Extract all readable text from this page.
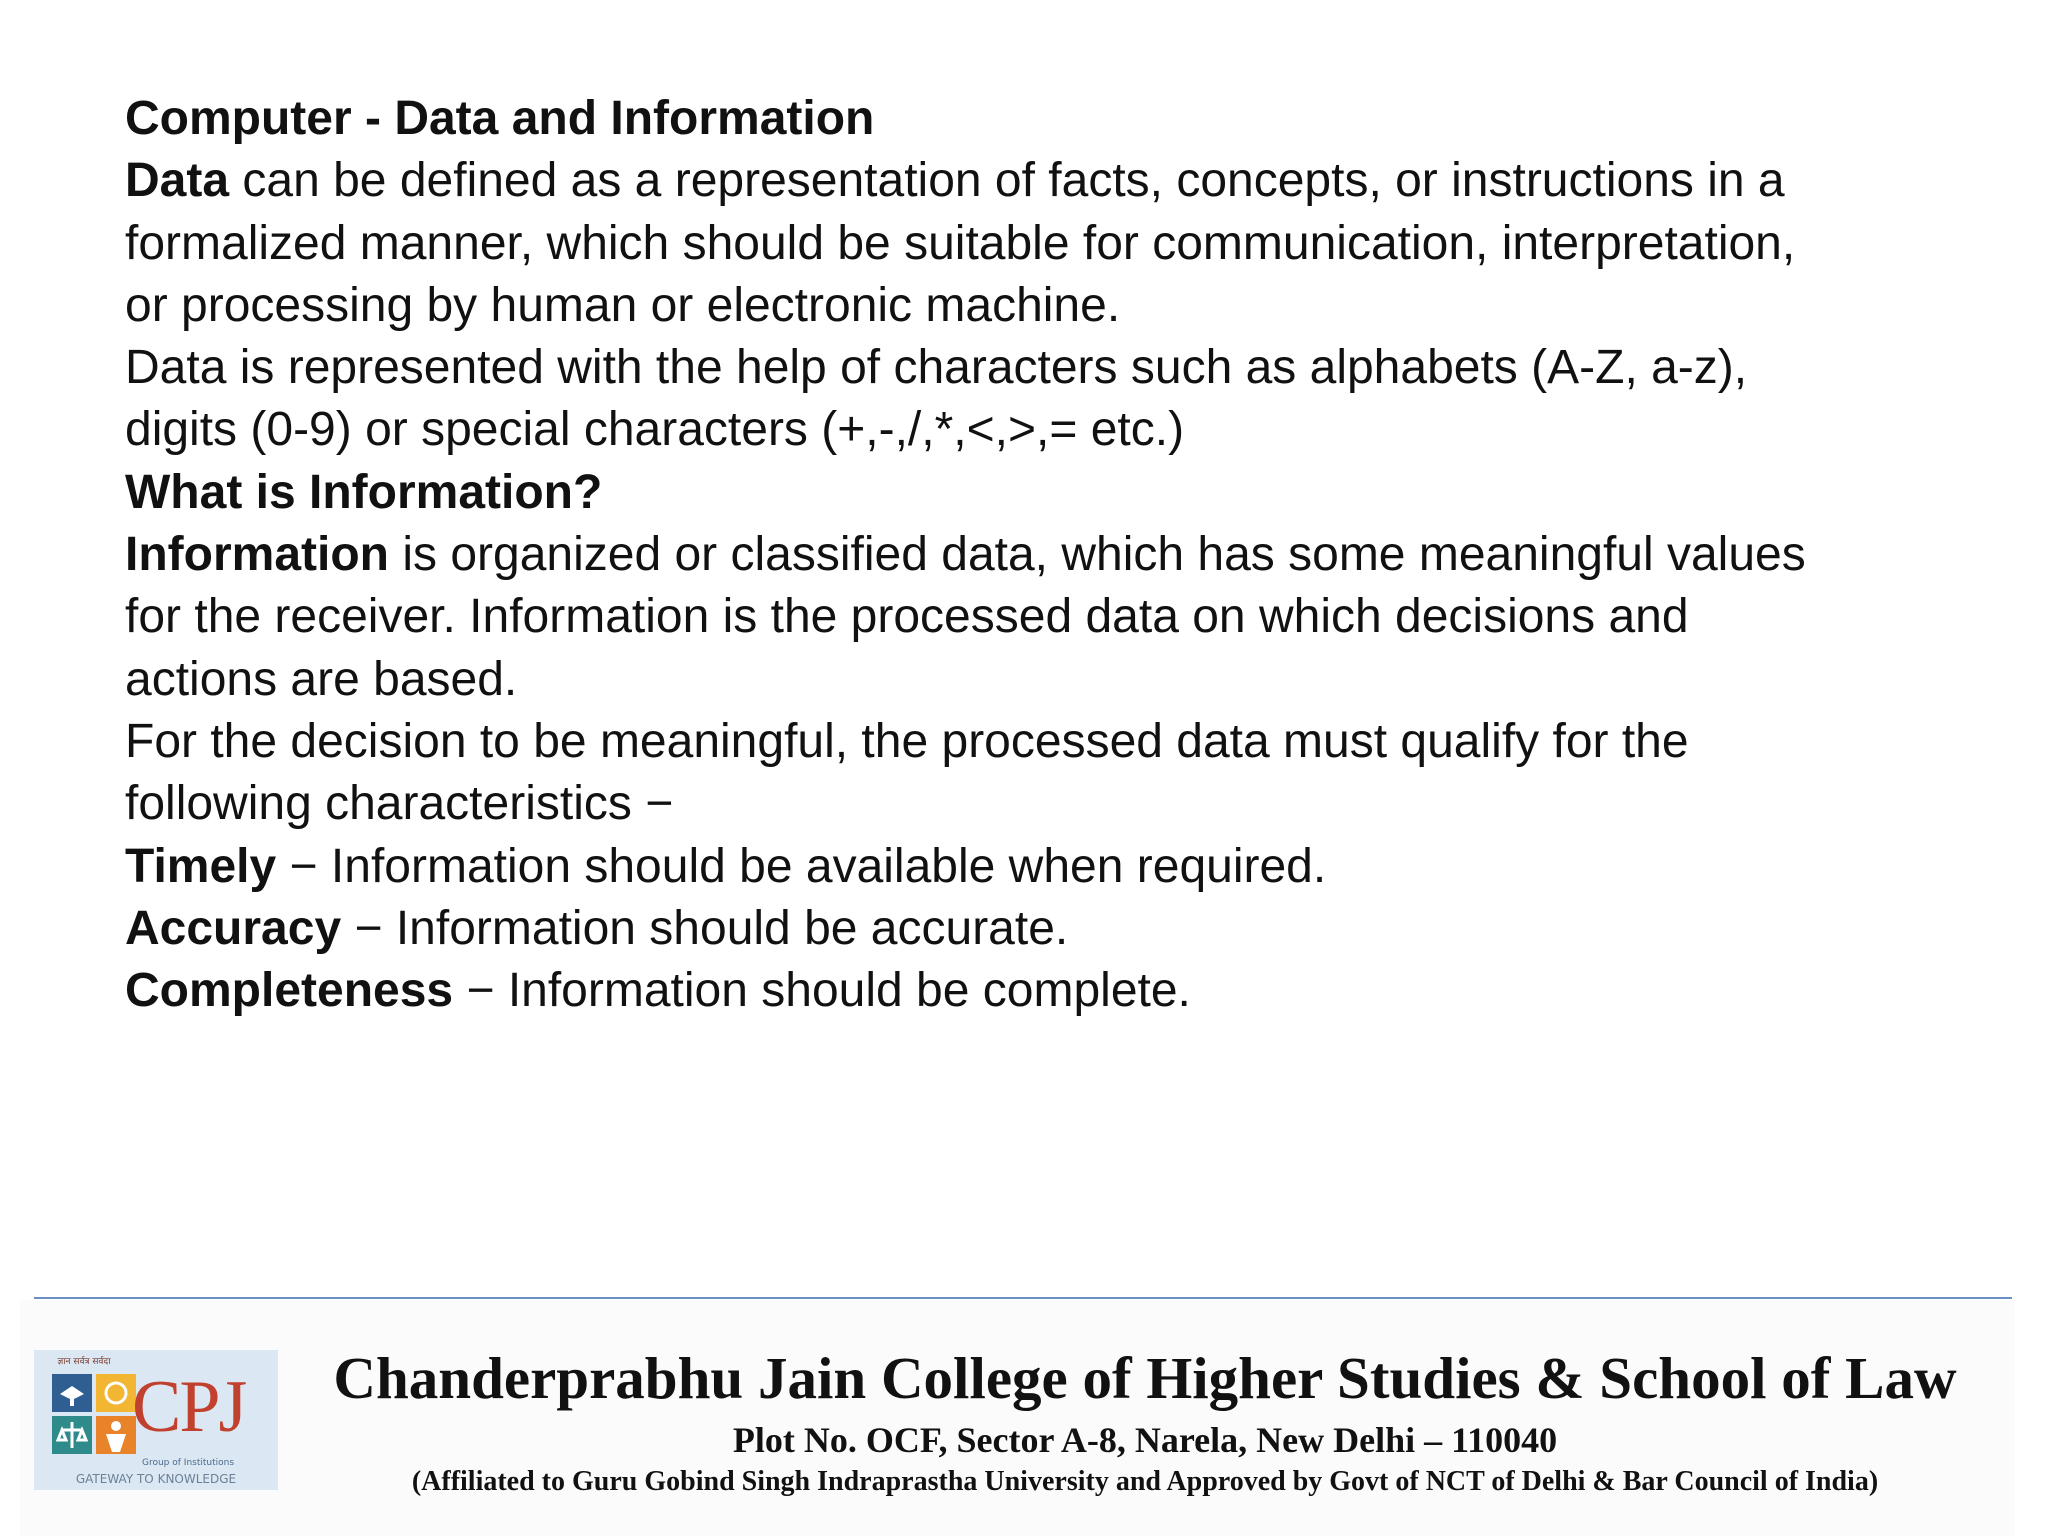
Computer - Data and Information
Data can be defined as a representation of facts, concepts, or instructions in a
formalized manner, which should be suitable for communication, interpretation,
or processing by human or electronic machine.
Data is represented with the help of characters such as alphabets (A-Z, a-z),
digits (0-9) or special characters (+,-,/,*,<,>,= etc.)
What is Information?
Information is organized or classified data, which has some meaningful values
for the receiver. Information is the processed data on which decisions and
actions are based.
For the decision to be meaningful, the processed data must qualify for the
following characteristics −
Timely − Information should be available when required.
Accuracy − Information should be accurate.
Completeness − Information should be complete.
ज्ञान सर्वत्र सर्वदा
CPJ
Group of Institutions
GATEWAY TO KNOWLEDGE
Chanderprabhu Jain College of Higher Studies & School of Law
Plot No. OCF, Sector A-8, Narela, New Delhi – 110040
(Affiliated to Guru Gobind Singh Indraprastha University and Approved by Govt of NCT of Delhi & Bar Council of India)
